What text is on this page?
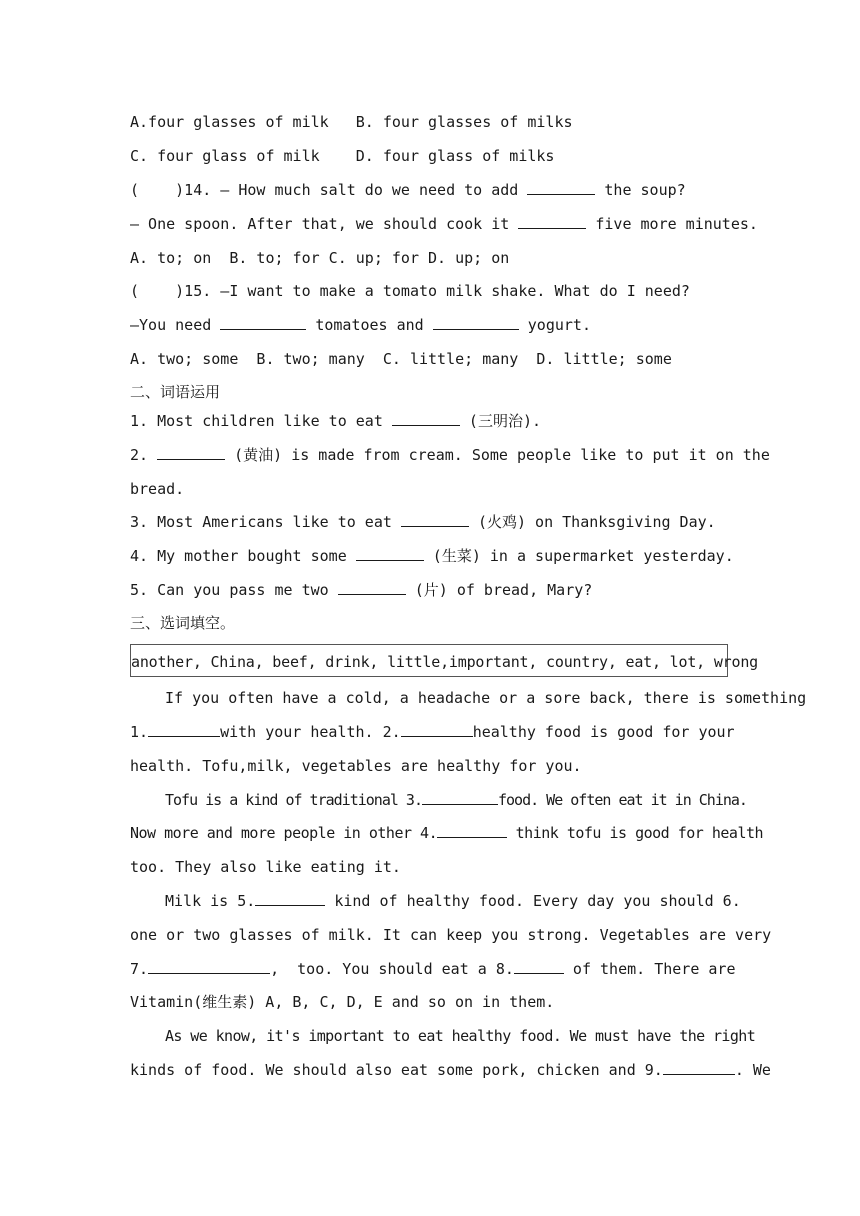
A.four glasses of milk   B. four glasses of milks
C. four glass of milk    D. four glass of milks
(    )14. — How much salt do we need to add	the soup?
— One spoon. After that, we should cook it	five more minutes.
A. to; on  B. to; for C. up; for D. up; on
(    )15. —I want to make a tomato milk shake. What do I need?
—You need	tomatoes and	yogurt.
A. two; some  B. two; many  C. little; many  D. little; some
二、词语运用
1. Most children like to eat	(三明治).
2.	(黄油) is made from cream. Some people like to put it on the
bread.
3. Most Americans like to eat	(火鸡) on Thanksgiving Day.
4. My mother bought some	(生菜) in a supermarket yesterday.
5. Can you pass me two	(片) of bread, Mary?
三、选词填空。
another, China, beef, drink, little,important, country, eat, lot, wrong
If you often have a cold, a headache or a sore back, there is something
1.	with your health. 2.	healthy food is good for your
health. Tofu,milk, vegetables are healthy for you.
Tofu is a kind of traditional 3.	food. We often eat it in China.
Now more and more people in other 4.	think tofu is good for health
too. They also like eating it.
Milk is 5.	kind of healthy food. Every day you should 6.
one or two glasses of milk. It can keep you strong. Vegetables are very
7.	,  too. You should eat a 8.	of them. There are
Vitamin(维生素) A, B, C, D, E and so on in them.
As we know, it's important to eat healthy food. We must have the right
kinds of food. We should also eat some pork, chicken and 9.	. We
